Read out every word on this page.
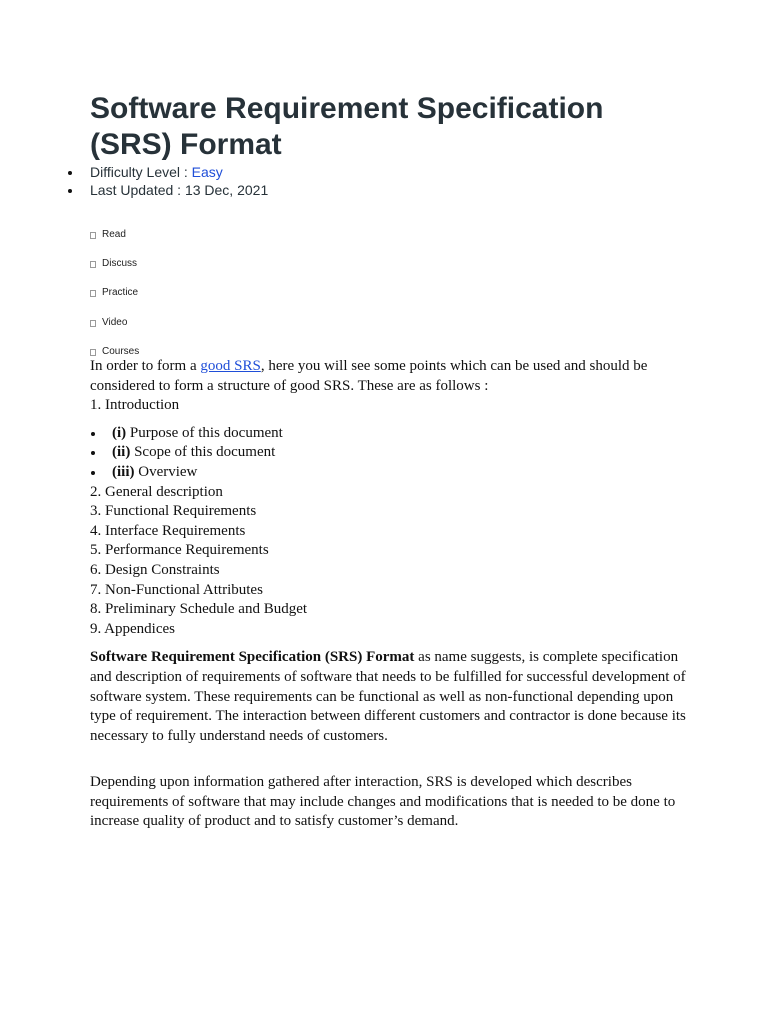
Software Requirement Specification (SRS) Format
Difficulty Level : Easy
Last Updated : 13 Dec, 2021
Read
Discuss
Practice
Video
Courses

In order to form a good SRS, here you will see some points which can be used and should be considered to form a structure of good SRS. These are as follows :

1. Introduction

(i) Purpose of this document
(ii) Scope of this document
(iii) Overview

2. General description

3. Functional Requirements

4. Interface Requirements

5. Performance Requirements

6. Design Constraints

7. Non-Functional Attributes

8. Preliminary Schedule and Budget

9. Appendices

Software Requirement Specification (SRS) Format as name suggests, is complete specification and description of requirements of software that needs to be fulfilled for successful development of software system. These requirements can be functional as well as non-functional depending upon type of requirement. The interaction between different customers and contractor is done because its necessary to fully understand needs of customers.

Depending upon information gathered after interaction, SRS is developed which describes requirements of software that may include changes and modifications that is needed to be done to increase quality of product and to satisfy customer’s demand.
